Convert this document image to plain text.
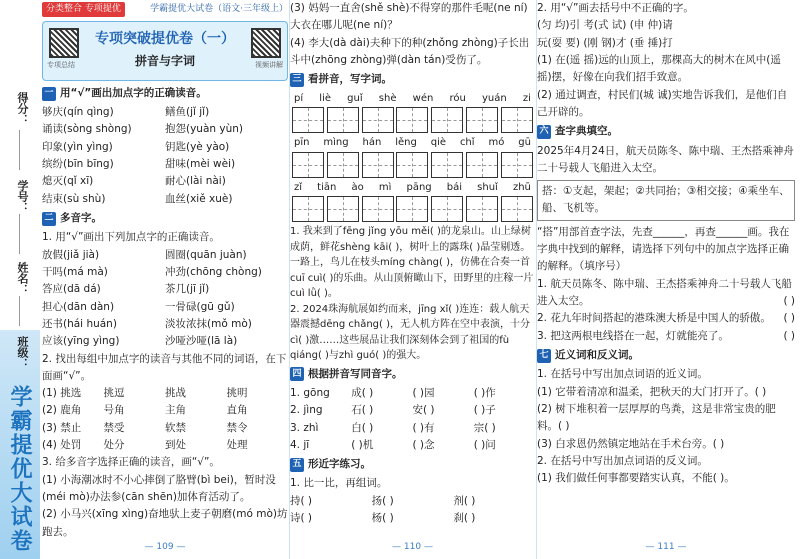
得分：
学号：
姓名：
班级：
学霸提优大试卷
分类整合 专项提优	学霸提优大试卷（语文·三年级上）
专项总结
专项突破提优卷（一）
拼音与字词	视频讲解
一 用“√”画出加点字的正确读音。
够庆(qín qìng)	鳝鱼(jǐ jǐ)
诵读(sòng shòng)	抱怨(yuàn yùn)
印象(yìn yìng)	钥匙(yè yào)
缤纷(bīn bīng)	甜味(mèi wèi)
熄灭(qǐ xī)	耐心(lài nài)
结束(sù shù)	血丝(xiě xuè)
二 多音字。
1. 用“√”画出下列加点字的正确读音。
放假(jiǎ jià)	圆圈(quān juàn)
干吗(má mà)	冲劲(chōng chòng)
答应(dā dá)	茶几(jī jǐ)
担心(dān dàn)	一骨碌(gū gǔ)
还书(hái huán)	淡妆浓抹(mǒ mò)
应该(yīng yìng)	沙哑沙哑(lā là)
2. 找出每组中加点字的读音与其他不同的词语，在下面画“√”。
(1) 挑选	挑逗	挑战	挑明
(2) 鹿角	号角	主角	直角
(3) 禁止	禁受	软禁	禁令
(4) 处罚	处分	到处	处理
3. 给多音字选择正确的读音，画“√”。
(1) 小海潮冰时不小心摔倒了胳臂(bì bei)，暂时没(méi mò)办法参(cān shēn)加体育活动了。
(2) 小马兴(xīng xìng)奋地驮上麦子朝磨(mó mò)坊跑去。
— 109 —
(3) 妈妈一直舍(shě shè)不得穿的那件毛呢(ne ní)大衣在哪儿呢(ne ní)？
(4) 李大(dà dài)夫种下的种(zhǒng zhòng)子长出斗中(zhōng zhòng)弹(dàn tán)受伤了。
三 看拼音，写字词。
pí liè guǐ shè wén róu yuán zi
pīn mìng hán lěng qiè chǐ mó gū
zǐ tiān ào mì pāng bái shuǐ zhū
1. 我来到了fēng jǐng yōu měi( )的龙泉山。山上绿树成荫，鲜花shèng kāi( )，树叶上的露珠( )晶莹剔透。一路上，鸟儿在枝头míng chàng( )，仿佛在合奏一首cuī cuì( )的乐曲。从山顶俯瞰山下，田野里的庄稼一片cuì lǜ( )。
2. 2024珠海航展如约而来，jīng xǐ( )连连：载人航天器震撼dēng chǎng( )，无人机方阵在空中表演，十分cì( )激……这些展品让我们深刻体会到了祖国的fù qiáng( )与zhì guó( )的强大。
四 根据拼音写同音字。
1. gōng	成( )	( )园	( )作
2. jìng	石( )	安( )	( )子
3. zhì	白( )	( )有	宗( )
4. jī	( )机	( )念	( )问
五 形近字练习。
1. 比一比，再组词。
持( )	扬( )	剂( )
诗( )	杨( )	刹( )
— 110 —
2. 用“√”画去括号中不正确的字。
(匀 均)引 考(式 试) (申 仲)请
玩(耍 要) (刚 钢)才 (垂 捶)打
(1) 在(遥 摇)远的山顶上，那棵高大的树木在风中(遥 摇)摆，好像在向我们招手致意。
(2) 通过调查，村民们(城 诚)实地告诉我们，是他们自己开辟的。
六 查字典填空。
2025年4月24日，航天员陈冬、陈中瑞、王杰搭乘神舟二十号载人飞船进入太空。
搭：①支起，架起；②共同抬；③相交接；④乘坐车、船、飞机等。
“搭”用部首查字法，先查______，再查______画。我在字典中找到的解释，请选择下列句中的加点字选择正确的解释。（填序号）
1. 航天员陈冬、陈中瑞、王杰搭乘神舟二十号载人飞船进入太空。	( )
2. 花九年时间搭起的港珠澳大桥是中国人的骄傲。 ( )
3. 把这两根电线搭在一起，灯就能亮了。	( )
七 近义词和反义词。
1. 在括号中写出加点词语的近义词。
(1) 它带着清凉和温柔，把秋天的大门打开了。( )
(2) 树下堆积着一层厚厚的鸟粪，这是非常宝贵的肥料。( )
(3) 白求恩仍然镇定地站在手术台旁。( )
2. 在括号中写出加点词语的反义词。
(1) 我们做任何事都要踏实认真，不能( )。
— 111 —
